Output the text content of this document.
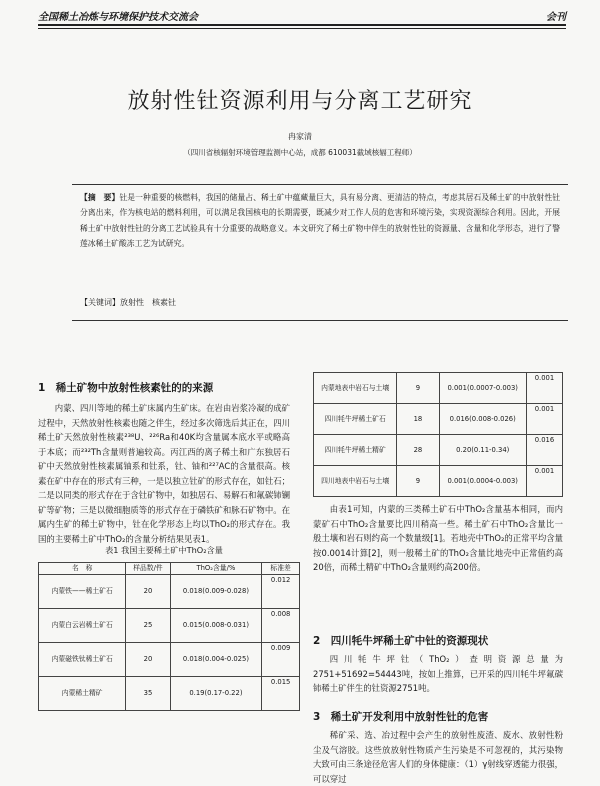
全国稀土冶炼与环境保护技术交流会	会刊
放射性钍资源利用与分离工艺研究
冉家清
（四川省核辐射环境管理监测中心站，成都 610031截域核辐工程师）
【摘　要】钍是一种重要的核燃料，我国的储量占、稀土矿中蕴藏量巨大，具有易分离、更清洁的特点，考虑其居石及稀土矿的中放射性钍分离出来，作为核电站的燃料利用，可以满足我国核电的长期需要，既减少对工作人员的危害和环境污染，实现资源综合利用。因此，开展稀土矿中放射性钍的分离工艺试验具有十分重要的战略意义。本文研究了稀土矿物中伴生的放射性钍的资源量、含量和化学形态，进行了警莲冰稀土矿酸冻工艺为试研究。
【关键词】放射性　核素钍
1　稀土矿物中放射性核素钍的的来源

内蒙、四川等地的稀土矿床属内生矿床。在岩由岩浆冷凝的成矿过程中，天然放射性核素也随之伴生，经过多次筛选后其正在，四川稀土矿天然放射性核素²³⁸U、²²⁶Ra和40K均含量属本底水平或略高于本底；而²³²Th含量则普遍较高。丙江西的离子稀土和广东独居石矿中天然放射性核素属铀系和钍系，钍、铀和²²⁷AC的含量很高。核素在矿中存在的形式有三种，一是以独立钍矿的形式存在，如钍石；二是以同类的形式存在于含钍矿物中，如独居石、易解石和氟碳铈镧矿等矿物；三是以微细胞质等的形式存在于磷铁矿和脉石矿物中。在属内生矿的稀土矿物中，钍在化学形态上均以ThO₂的形式存在。我国的主要稀土矿中ThO₂的含量分析结果见表1。

表1 我国主要稀土矿中ThO₂含量
名　称	样品数/件	ThO₂含量/%	标准差
内蒙铁——稀土矿石	20	0.018(0.009-0.028)	0.012
内蒙白云岩稀土矿石	25	0.015(0.008-0.031)	0.008
内蒙磁铁钛稀土矿石	20	0.018(0.004-0.025)	0.009
内蒙稀土精矿	35	0.19(0.17-0.22)	0.015
内蒙地表中岩石与土壤	9	0.001(0.0007-0.003)	0.001
四川牦牛坪稀土矿石	18	0.016(0.008-0.026)	0.001
四川牦牛坪稀土精矿	28	0.20(0.11-0.34)	0.016
四川地表中岩石与土壤	9	0.001(0.0004-0.003)	0.001

由表1可知，内蒙的三类稀土矿石中ThO₂含量基本相同，而内蒙矿石中ThO₂含量要比四川稍高一些。稀土矿石中ThO₂含量比一般土壤和岩石则约高一个数量级[1]。若地壳中ThO₂的正常平均含量按0.0014计算[2]，则一般稀土矿的ThO₂含量比地壳中正常值约高20倍，而稀土精矿中ThO₂含量则约高200倍。

2　四川牦牛坪稀土矿中钍的资源现状

四川牦牛坪钍（ThO₂）查明资源总量为2751+51692=54443吨，按如上推算，已开采的四川牦牛坪氟碳铈稀土矿伴生的钍资源2751吨。

3　稀土矿开发利用中放射性钍的危害

稀矿采、选、冶过程中会产生的放射性废渣、废水、放射性粉尘及气溶胶。这些放放射性物质产生污染是不可忽视的，其污染物大致可由三条途径危害人们的身体健康：（1）γ射线穿透能力很强，可以穿过
